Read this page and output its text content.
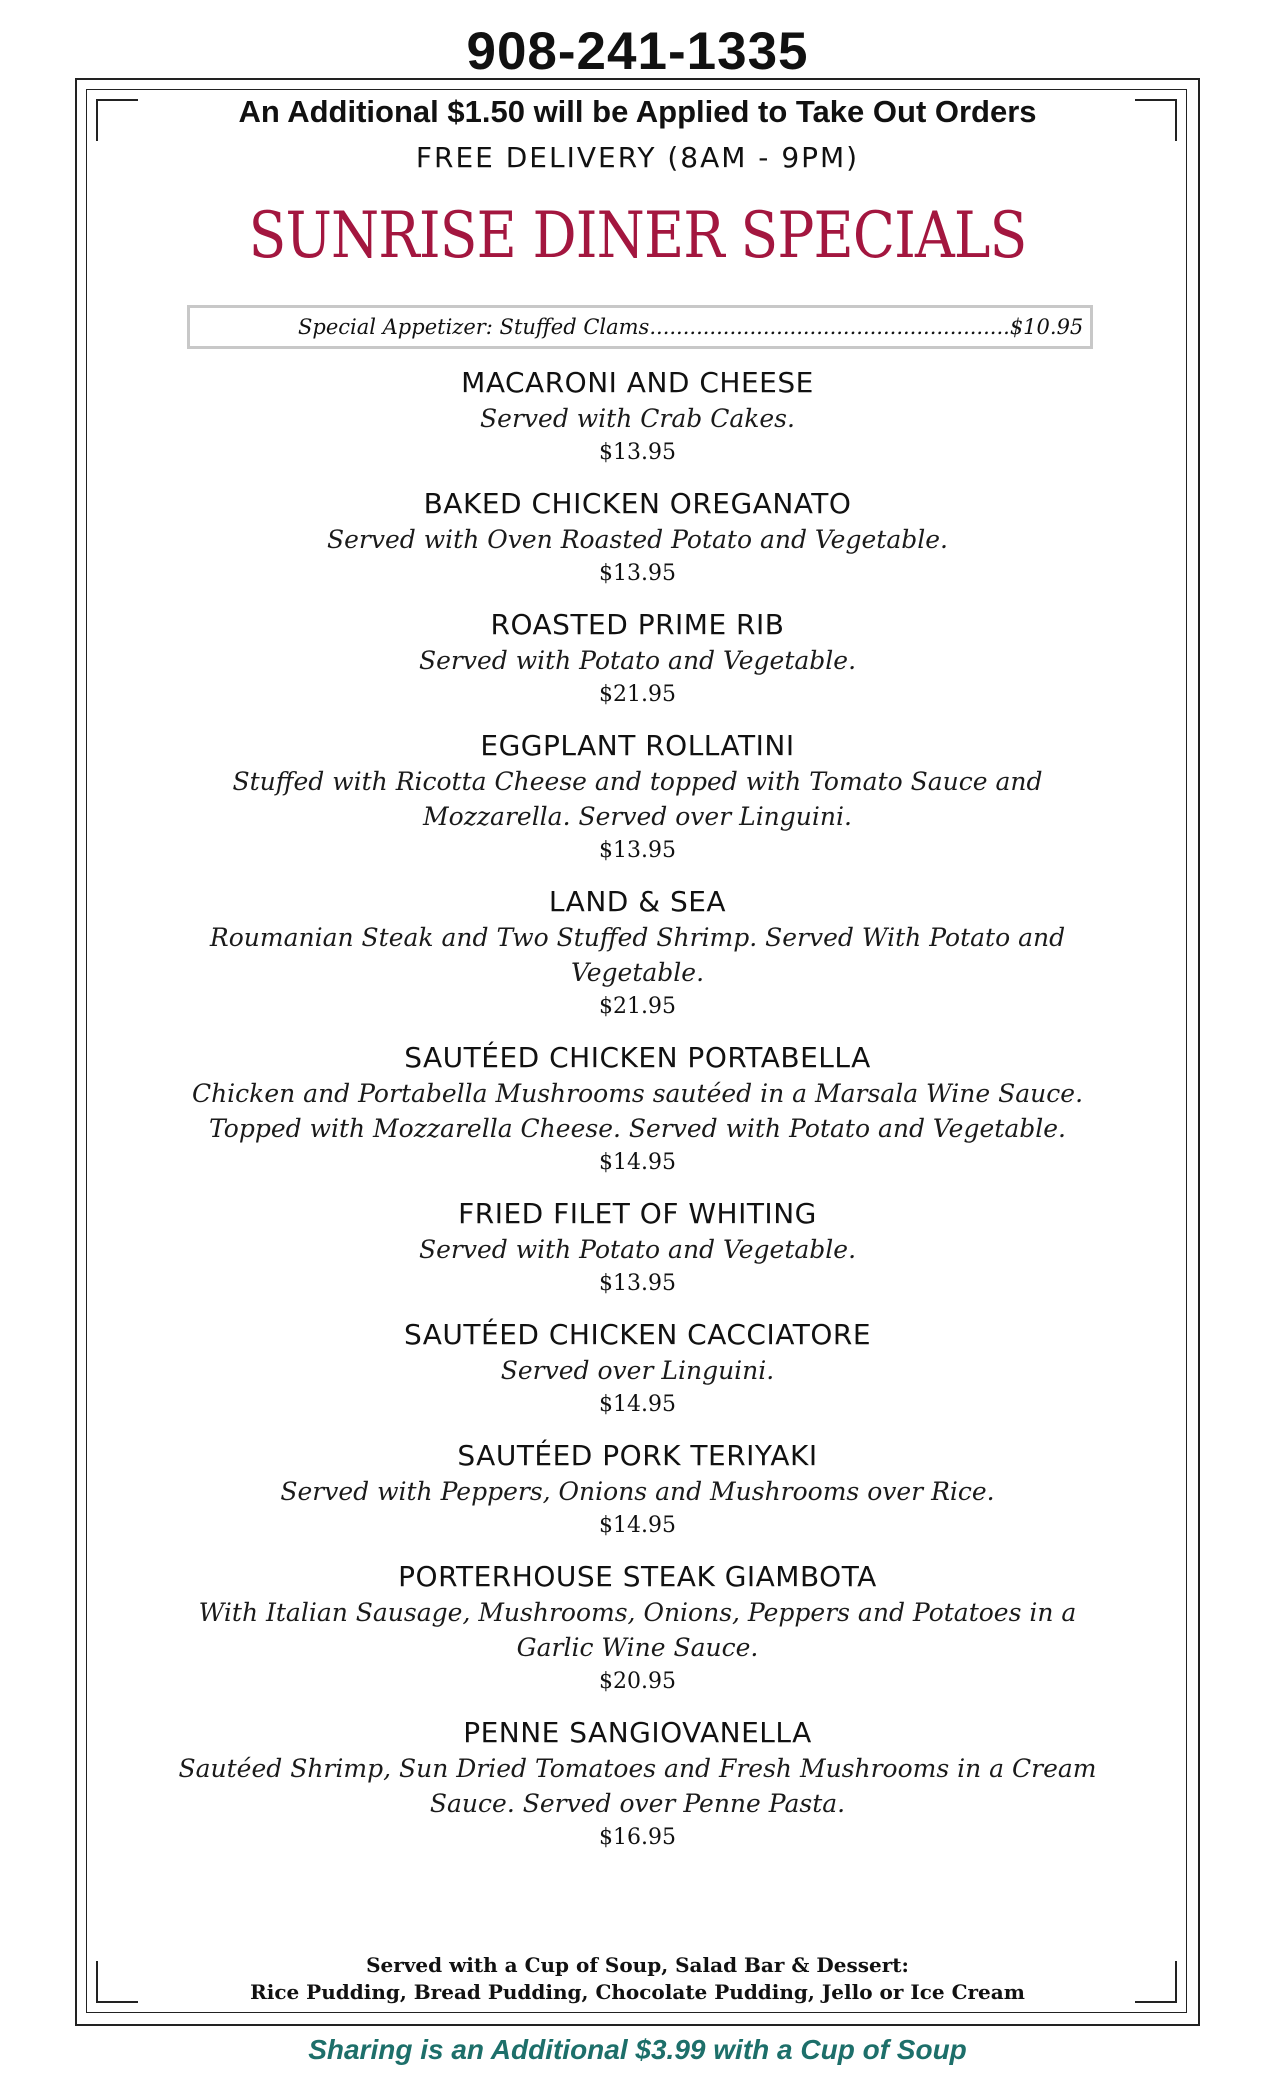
908-241-1335
An Additional $1.50 will be Applied to Take Out Orders
FREE DELIVERY (8AM - 9PM)
SUNRISE DINER SPECIALS
Special Appetizer: Stuffed Clams......................................................$10.95
MACARONI AND CHEESE
Served with Crab Cakes.
$13.95
BAKED CHICKEN OREGANATO
Served with Oven Roasted Potato and Vegetable.
$13.95
ROASTED PRIME RIB
Served with Potato and Vegetable.
$21.95
EGGPLANT ROLLATINI
Stuffed with Ricotta Cheese and topped with Tomato Sauce and Mozzarella. Served over Linguini.
$13.95
LAND & SEA
Roumanian Steak and Two Stuffed Shrimp. Served With Potato and Vegetable.
$21.95
SAUTÉED CHICKEN PORTABELLA
Chicken and Portabella Mushrooms sautéed in a Marsala Wine Sauce. Topped with Mozzarella Cheese. Served with Potato and Vegetable.
$14.95
FRIED FILET OF WHITING
Served with Potato and Vegetable.
$13.95
SAUTÉED CHICKEN CACCIATORE
Served over Linguini.
$14.95
SAUTÉED PORK TERIYAKI
Served with Peppers, Onions and Mushrooms over Rice.
$14.95
PORTERHOUSE STEAK GIAMBOTA
With Italian Sausage, Mushrooms, Onions, Peppers and Potatoes in a Garlic Wine Sauce.
$20.95
PENNE SANGIOVANELLA
Sautéed Shrimp, Sun Dried Tomatoes and Fresh Mushrooms in a Cream Sauce. Served over Penne Pasta.
$16.95
Served with a Cup of Soup, Salad Bar & Dessert:
Rice Pudding, Bread Pudding, Chocolate Pudding, Jello or Ice Cream
Sharing is an Additional $3.99 with a Cup of Soup
